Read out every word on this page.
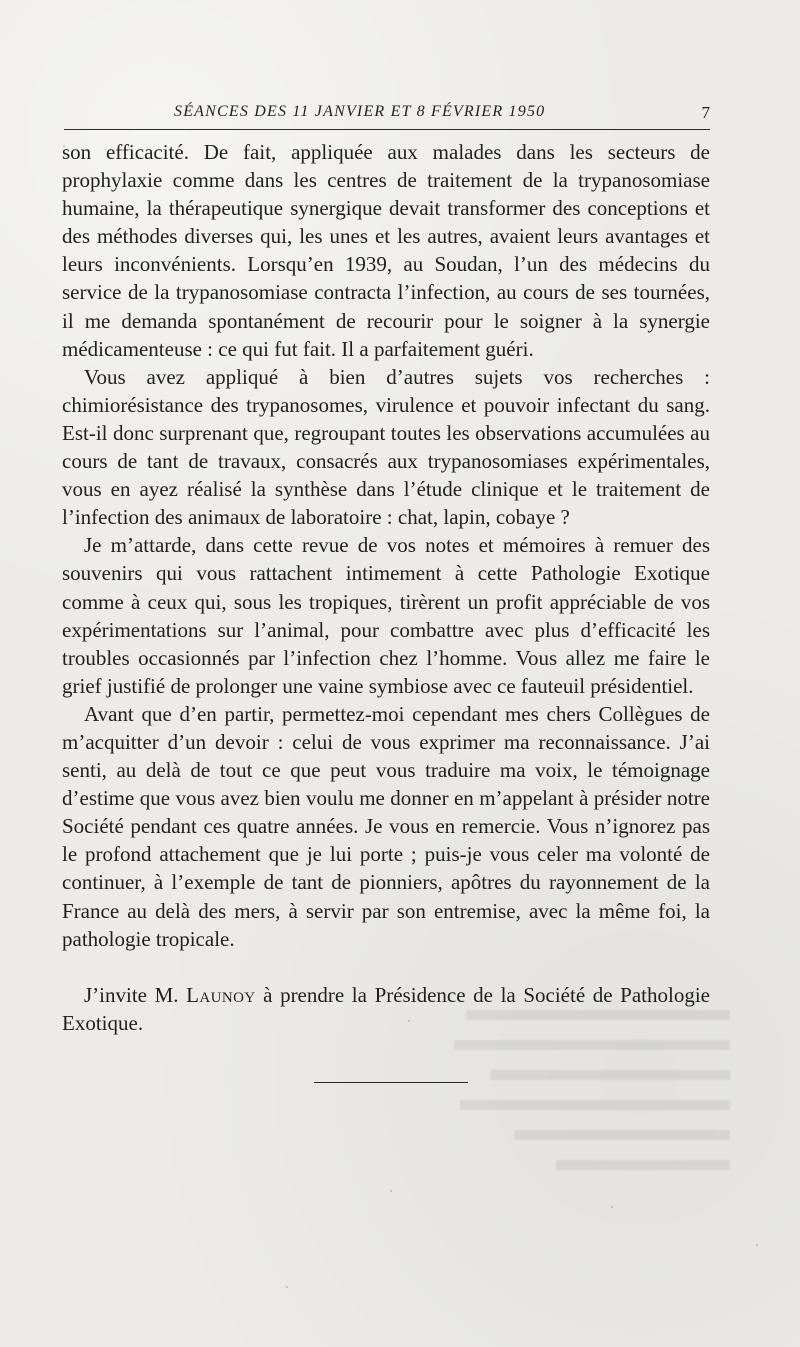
SÉANCES DES 11 JANVIER ET 8 FÉVRIER 1950	7

son efficacité. De fait, appliquée aux malades dans les secteurs de prophylaxie comme dans les centres de traitement de la trypanosomiase humaine, la thérapeutique synergique devait transformer des conceptions et des méthodes diverses qui, les unes et les autres, avaient leurs avantages et leurs inconvénients. Lorsqu’en 1939, au Soudan, l’un des médecins du service de la trypanosomiase contracta l’infection, au cours de ses tournées, il me demanda spontanément de recourir pour le soigner à la synergie médicamenteuse : ce qui fut fait. Il a parfaitement guéri.

Vous avez appliqué à bien d’autres sujets vos recherches : chimiorésistance des trypanosomes, virulence et pouvoir infectant du sang. Est-il donc surprenant que, regroupant toutes les observations accumulées au cours de tant de travaux, consacrés aux trypanosomiases expérimentales, vous en ayez réalisé la synthèse dans l’étude clinique et le traitement de l’infection des animaux de laboratoire : chat, lapin, cobaye ?

Je m’attarde, dans cette revue de vos notes et mémoires à remuer des souvenirs qui vous rattachent intimement à cette Pathologie Exotique comme à ceux qui, sous les tropiques, tirèrent un profit appréciable de vos expérimentations sur l’animal, pour combattre avec plus d’efficacité les troubles occasionnés par l’infection chez l’homme. Vous allez me faire le grief justifié de prolonger une vaine symbiose avec ce fauteuil présidentiel.

Avant que d’en partir, permettez-moi cependant mes chers Collègues de m’acquitter d’un devoir : celui de vous exprimer ma reconnaissance. J’ai senti, au delà de tout ce que peut vous traduire ma voix, le témoignage d’estime que vous avez bien voulu me donner en m’appelant à présider notre Société pendant ces quatre années. Je vous en remercie. Vous n’ignorez pas le profond attachement que je lui porte ; puis-je vous celer ma volonté de continuer, à l’exemple de tant de pionniers, apôtres du rayonnement de la France au delà des mers, à servir par son entremise, avec la même foi, la pathologie tropicale.

J’invite M. Launoy à prendre la Présidence de la Société de Pathologie Exotique.
